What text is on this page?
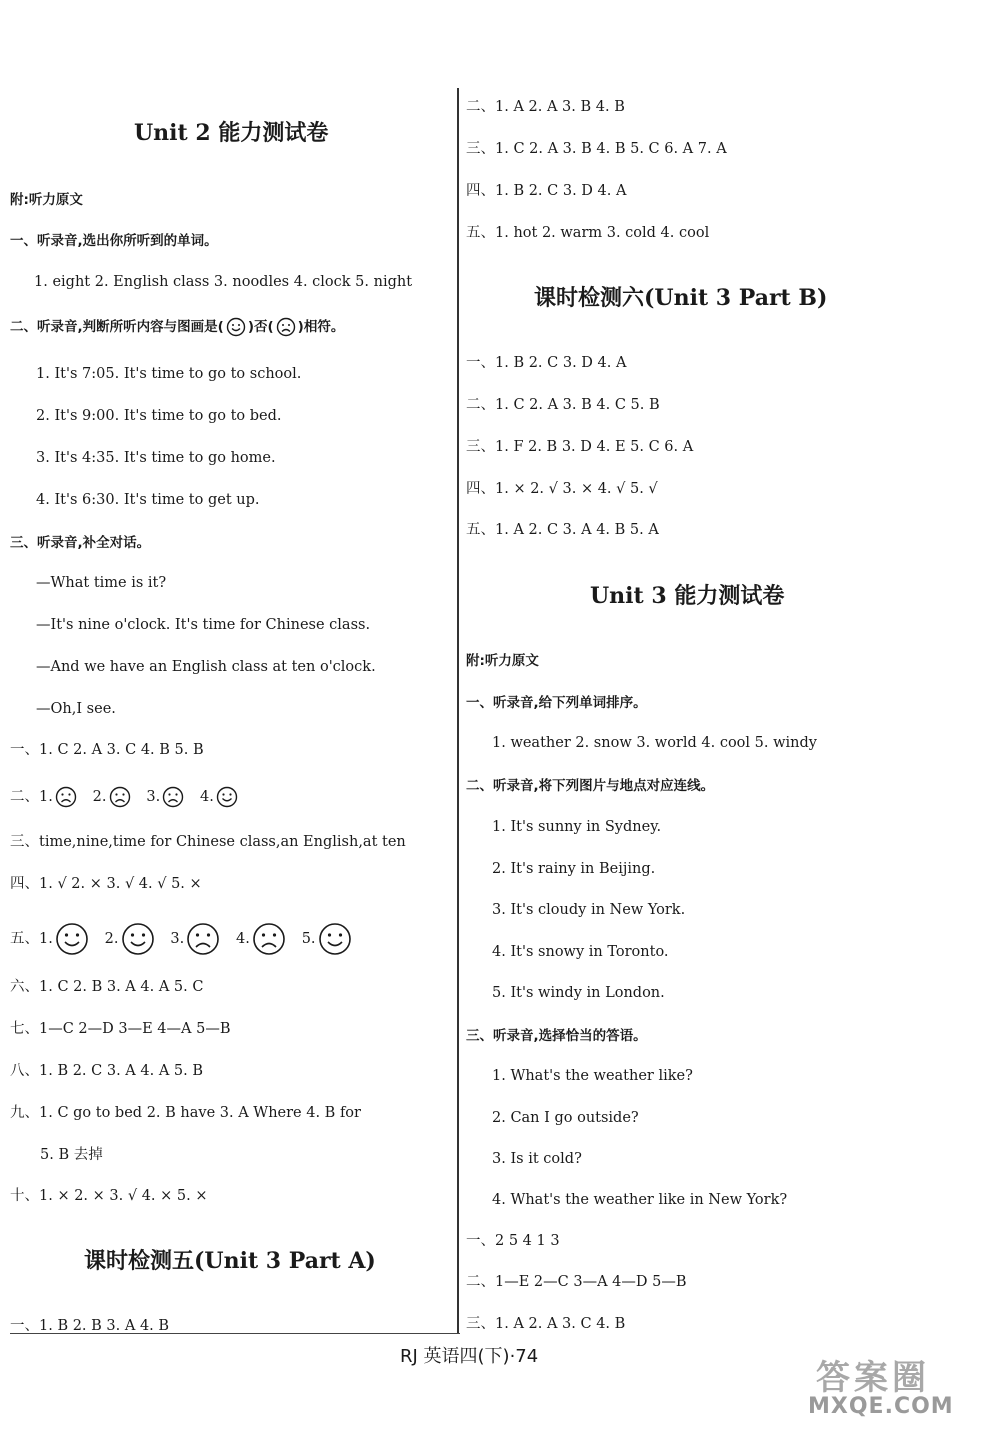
Unit 2 能力测试卷
附:听力原文
一、听录音,选出你所听到的单词。
1. eight 2. English class 3. noodles 4. clock 5. night
二、听录音,判断所听内容与图画是( )否( )相符。
1. It's 7:05. It's time to go to school.
2. It's 9:00. It's time to go to bed.
3. It's 4:35. It's time to go home.
4. It's 6:30. It's time to get up.
三、听录音,补全对话。
—What time is it?
—It's nine o'clock. It's time for Chinese class.
—And we have an English class at ten o'clock.
—Oh,I see.
一、1. C 2. A 3. C 4. B 5. B
二、1.	2.	3.	4.
三、time,nine,time for Chinese class,an English,at ten
四、1. √ 2. × 3. √ 4. √ 5. ×
五、1.	2.	3.	4.	5.
六、1. C 2. B 3. A 4. A 5. C
七、1—C 2—D 3—E 4—A 5—B
八、1. B 2. C 3. A 4. A 5. B
九、1. C go to bed 2. B have 3. A Where 4. B for
5. B 去掉
十、1. × 2. × 3. √ 4. × 5. ×
课时检测五(Unit 3 Part A)
一、1. B 2. B 3. A 4. B
二、1. A 2. A 3. B 4. B
三、1. C 2. A 3. B 4. B 5. C 6. A 7. A
四、1. B 2. C 3. D 4. A
五、1. hot 2. warm 3. cold 4. cool
课时检测六(Unit 3 Part B)
一、1. B 2. C 3. D 4. A
二、1. C 2. A 3. B 4. C 5. B
三、1. F 2. B 3. D 4. E 5. C 6. A
四、1. × 2. √ 3. × 4. √ 5. √
五、1. A 2. C 3. A 4. B 5. A
Unit 3 能力测试卷
附:听力原文
一、听录音,给下列单词排序。
1. weather 2. snow 3. world 4. cool 5. windy
二、听录音,将下列图片与地点对应连线。
1. It's sunny in Sydney.
2. It's rainy in Beijing.
3. It's cloudy in New York.
4. It's snowy in Toronto.
5. It's windy in London.
三、听录音,选择恰当的答语。
1. What's the weather like?
2. Can I go outside?
3. Is it cold?
4. What's the weather like in New York?
一、2 5 4 1 3
二、1—E 2—C 3—A 4—D 5—B
三、1. A 2. A 3. C 4. B
RJ 英语四(下)·74
答案圈
MXQE.COM
